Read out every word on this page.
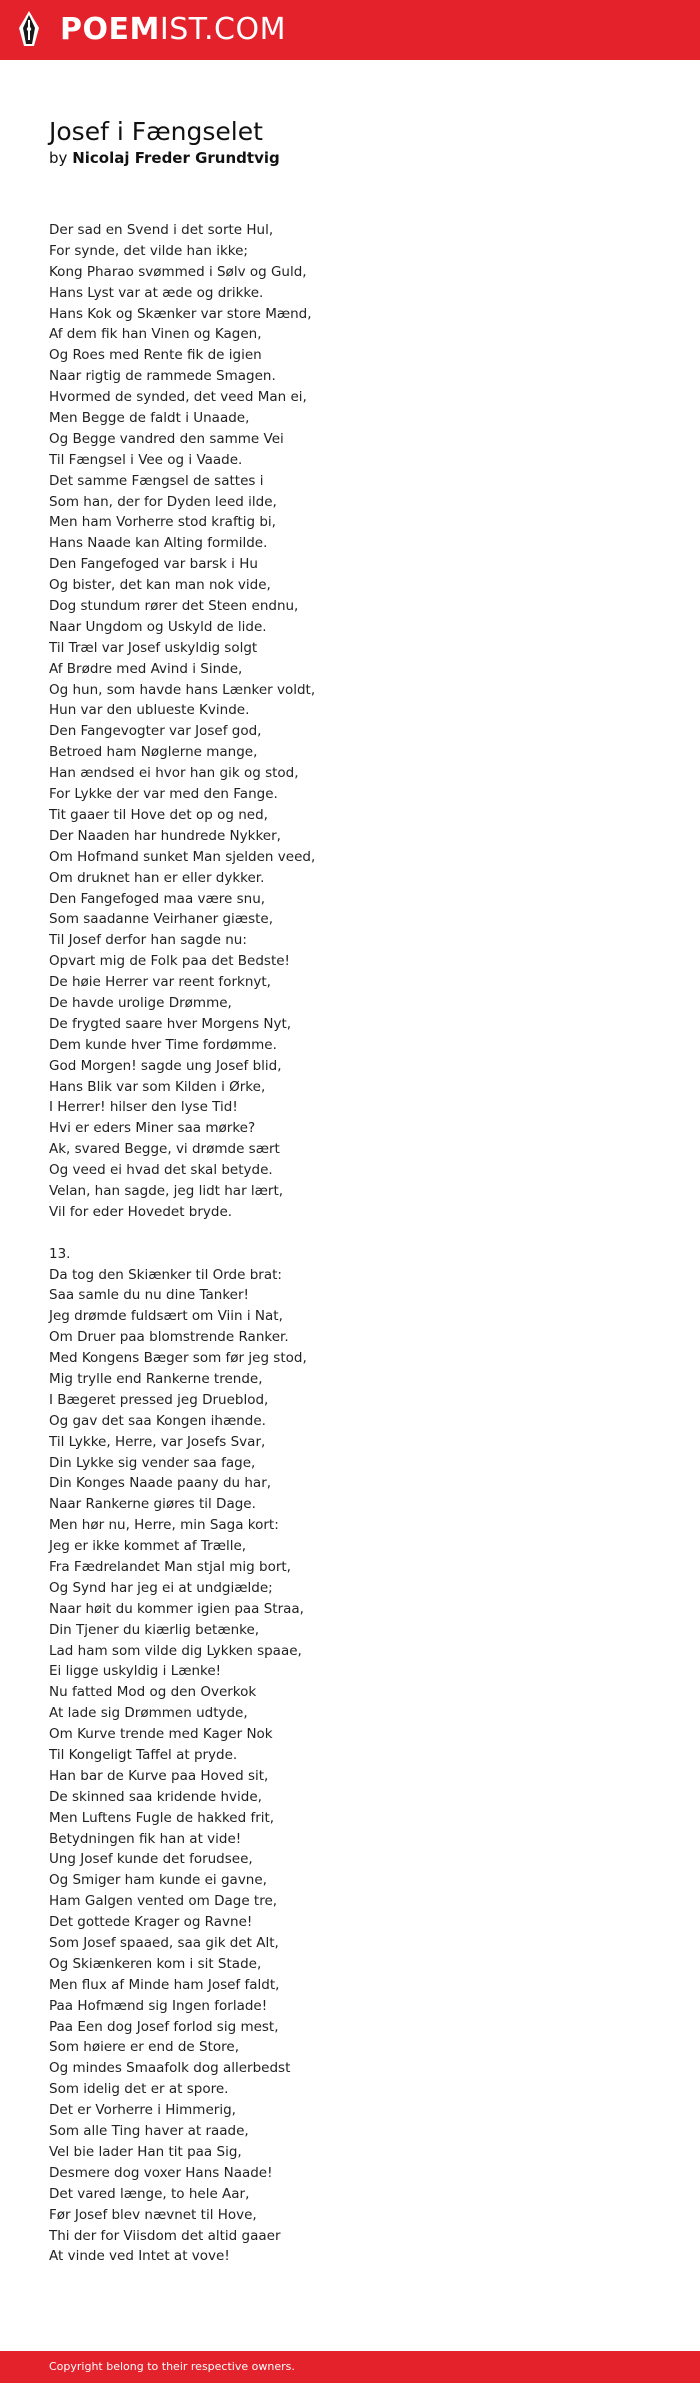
POEMIST.COM
Josef i Fængselet
by Nicolaj Freder Grundtvig
Der sad en Svend i det sorte Hul,
For synde, det vilde han ikke;
Kong Pharao svømmed i Sølv og Guld,
Hans Lyst var at æde og drikke.
Hans Kok og Skænker var store Mænd,
Af dem fik han Vinen og Kagen,
Og Roes med Rente fik de igien
Naar rigtig de rammede Smagen.
Hvormed de synded, det veed Man ei,
Men Begge de faldt i Unaade,
Og Begge vandred den samme Vei
Til Fængsel i Vee og i Vaade.
Det samme Fængsel de sattes i
Som han, der for Dyden leed ilde,
Men ham Vorherre stod kraftig bi,
Hans Naade kan Alting formilde.
Den Fangefoged var barsk i Hu
Og bister, det kan man nok vide,
Dog stundum rører det Steen endnu,
Naar Ungdom og Uskyld de lide.
Til Træl var Josef uskyldig solgt
Af Brødre med Avind i Sinde,
Og hun, som havde hans Lænker voldt,
Hun var den ublueste Kvinde.
Den Fangevogter var Josef god,
Betroed ham Nøglerne mange,
Han ændsed ei hvor han gik og stod,
For Lykke der var med den Fange.
Tit gaaer til Hove det op og ned,
Der Naaden har hundrede Nykker,
Om Hofmand sunket Man sjelden veed,
Om druknet han er eller dykker.
Den Fangefoged maa være snu,
Som saadanne Veirhaner giæste,
Til Josef derfor han sagde nu:
Opvart mig de Folk paa det Bedste!
De høie Herrer var reent forknyt,
De havde urolige Drømme,
De frygted saare hver Morgens Nyt,
Dem kunde hver Time fordømme.
God Morgen! sagde ung Josef blid,
Hans Blik var som Kilden i Ørke,
I Herrer! hilser den lyse Tid!
Hvi er eders Miner saa mørke?
Ak, svared Begge, vi drømde sært
Og veed ei hvad det skal betyde.
Velan, han sagde, jeg lidt har lært,
Vil for eder Hovedet bryde.
13.
Da tog den Skiænker til Orde brat:
Saa samle du nu dine Tanker!
Jeg drømde fuldsært om Viin i Nat,
Om Druer paa blomstrende Ranker.
Med Kongens Bæger som før jeg stod,
Mig trylle end Rankerne trende,
I Bægeret pressed jeg Drueblod,
Og gav det saa Kongen ihænde.
Til Lykke, Herre, var Josefs Svar,
Din Lykke sig vender saa fage,
Din Konges Naade paany du har,
Naar Rankerne giøres til Dage.
Men hør nu, Herre, min Saga kort:
Jeg er ikke kommet af Trælle,
Fra Fædrelandet Man stjal mig bort,
Og Synd har jeg ei at undgiælde;
Naar høit du kommer igien paa Straa,
Din Tjener du kiærlig betænke,
Lad ham som vilde dig Lykken spaae,
Ei ligge uskyldig i Lænke!
Nu fatted Mod og den Overkok
At lade sig Drømmen udtyde,
Om Kurve trende med Kager Nok
Til Kongeligt Taffel at pryde.
Han bar de Kurve paa Hoved sit,
De skinned saa kridende hvide,
Men Luftens Fugle de hakked frit,
Betydningen fik han at vide!
Ung Josef kunde det forudsee,
Og Smiger ham kunde ei gavne,
Ham Galgen vented om Dage tre,
Det gottede Krager og Ravne!
Som Josef spaaed, saa gik det Alt,
Og Skiænkeren kom i sit Stade,
Men flux af Minde ham Josef faldt,
Paa Hofmænd sig Ingen forlade!
Paa Een dog Josef forlod sig mest,
Som høiere er end de Store,
Og mindes Smaafolk dog allerbedst
Som idelig det er at spore.
Det er Vorherre i Himmerig,
Som alle Ting haver at raade,
Vel bie lader Han tit paa Sig,
Desmere dog voxer Hans Naade!
Det vared længe, to hele Aar,
Før Josef blev nævnet til Hove,
Thi der for Viisdom det altid gaaer
At vinde ved Intet at vove!
Copyright belong to their respective owners.
